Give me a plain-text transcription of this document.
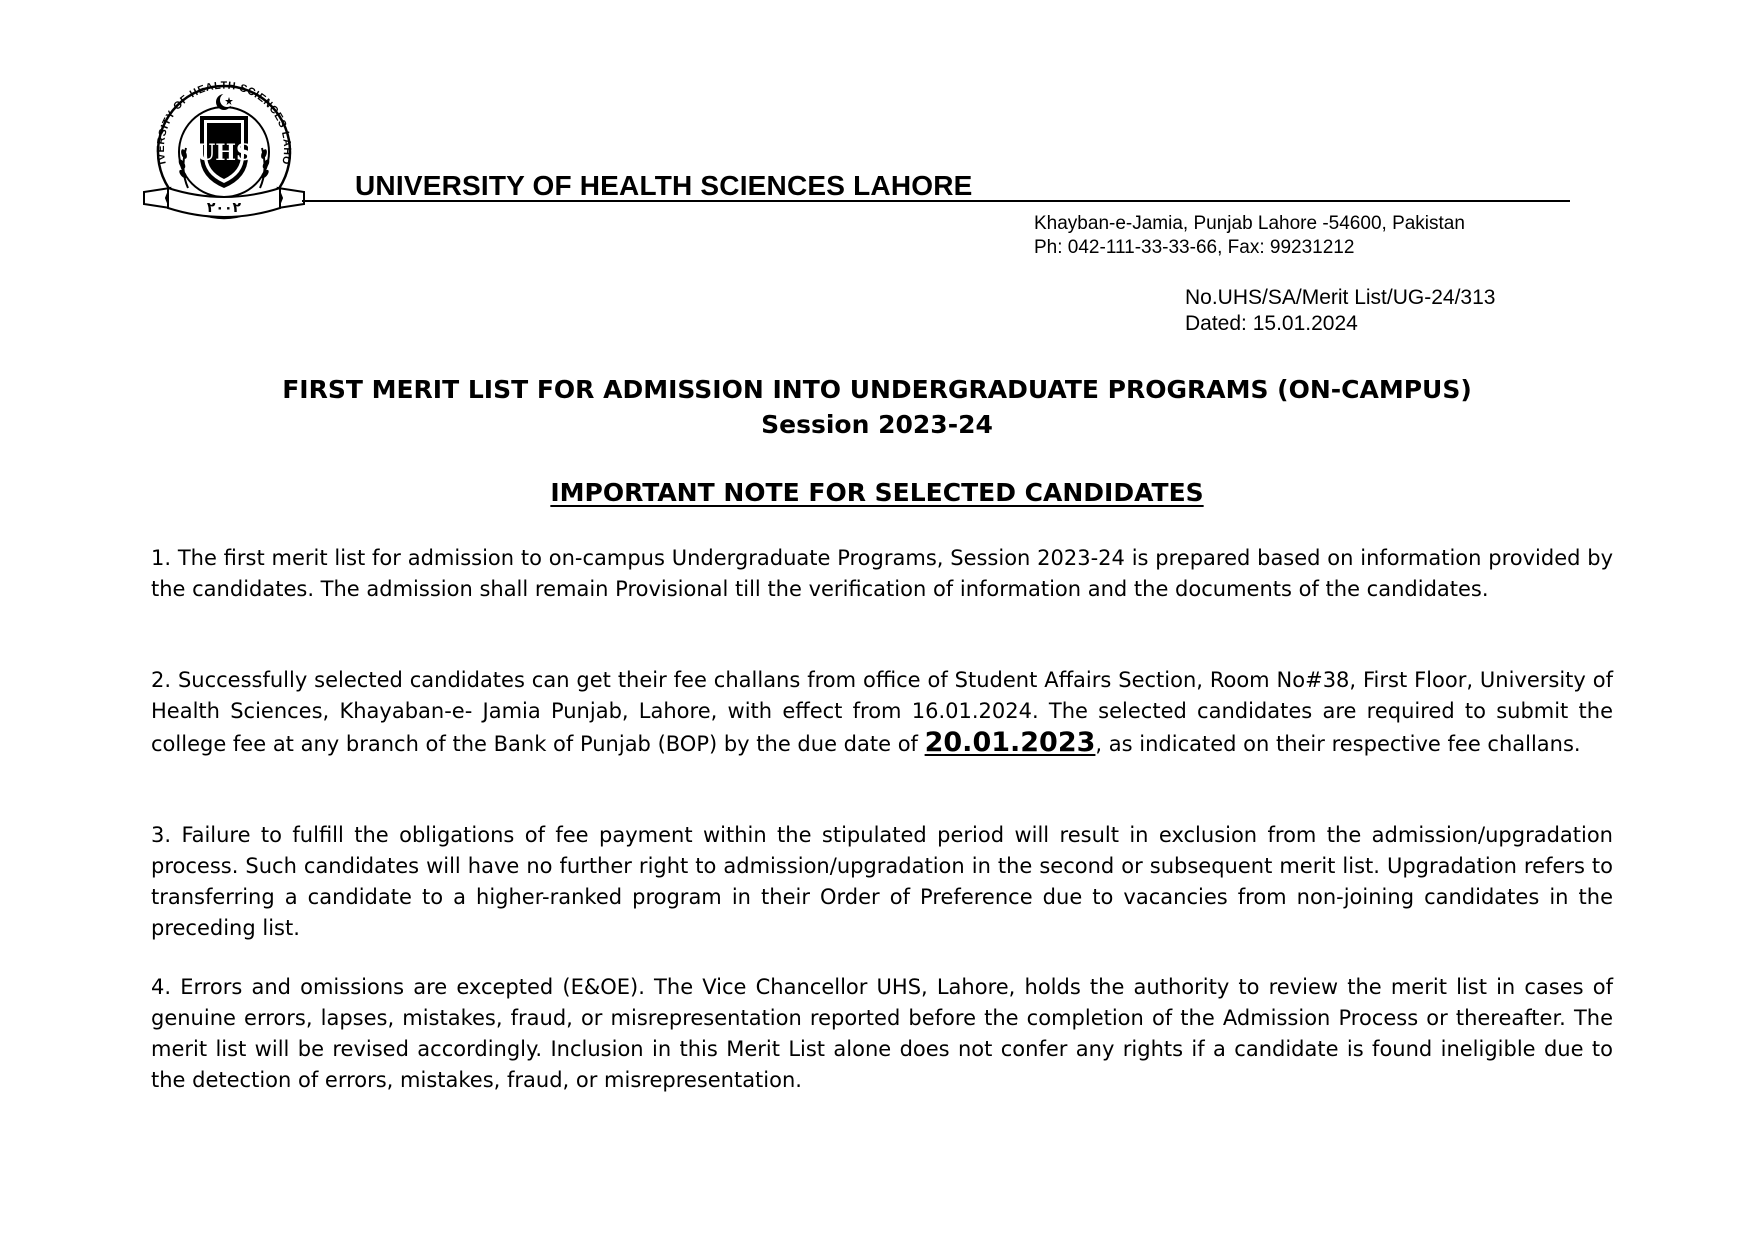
IVERSITY OF HEALTH SCIENCES LAHO
UHS
۲۰۰۲
UNIVERSITY OF HEALTH SCIENCES LAHORE
Khayban-e-Jamia, Punjab Lahore -54600, Pakistan
Ph: 042-111-33-33-66, Fax: 99231212
No.UHS/SA/Merit List/UG-24/313
Dated: 15.01.2024
FIRST MERIT LIST FOR ADMISSION INTO UNDERGRADUATE PROGRAMS (ON-CAMPUS)
Session 2023-24
IMPORTANT NOTE FOR SELECTED CANDIDATES
1. The first merit list for admission to on-campus Undergraduate Programs, Session 2023-24 is prepared based on information provided by the candidates. The admission shall remain Provisional till the verification of information and the documents of the candidates.
2. Successfully selected candidates can get their fee challans from office of Student Affairs Section, Room No#38, First Floor, University of Health Sciences, Khayaban-e- Jamia Punjab, Lahore, with effect from 16.01.2024. The selected candidates are required to submit the college fee at any branch of the Bank of Punjab (BOP) by the due date of 20.01.2023, as indicated on their respective fee challans.
3. Failure to fulfill the obligations of fee payment within the stipulated period will result in exclusion from the admission/upgradation process. Such candidates will have no further right to admission/upgradation in the second or subsequent merit list. Upgradation refers to transferring a candidate to a higher-ranked program in their Order of Preference due to vacancies from non-joining candidates in the preceding list.
4. Errors and omissions are excepted (E&OE). The Vice Chancellor UHS, Lahore, holds the authority to review the merit list in cases of genuine errors, lapses, mistakes, fraud, or misrepresentation reported before the completion of the Admission Process or thereafter. The merit list will be revised accordingly. Inclusion in this Merit List alone does not confer any rights if a candidate is found ineligible due to the detection of errors, mistakes, fraud, or misrepresentation.
